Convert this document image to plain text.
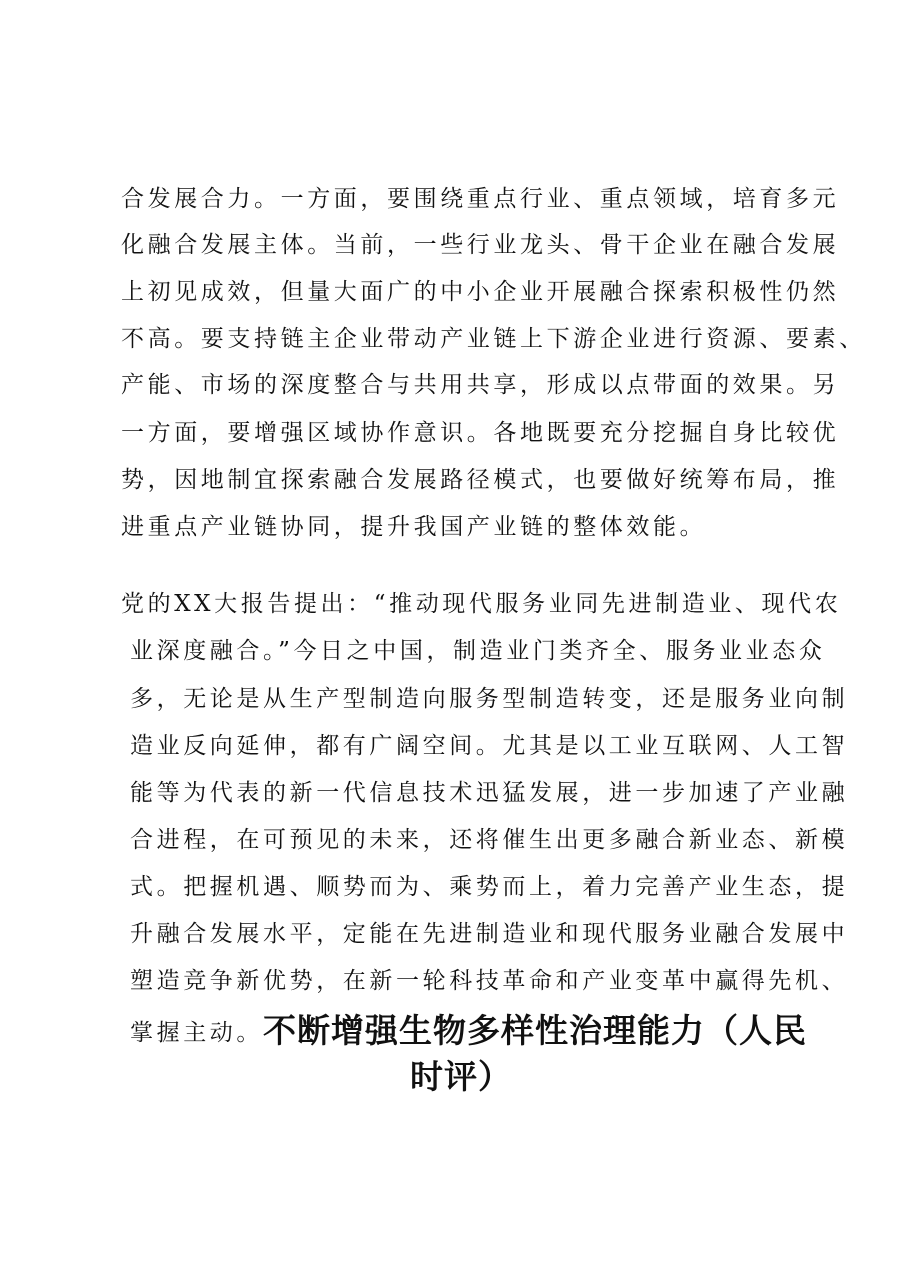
合发展合力。一方面，要围绕重点行业、重点领域，培育多元
化融合发展主体。当前，一些行业龙头、骨干企业在融合发展
上初见成效，但量大面广的中小企业开展融合探索积极性仍然
不高。要支持链主企业带动产业链上下游企业进行资源、要素、
产能、市场的深度整合与共用共享，形成以点带面的效果。另
一方面，要增强区域协作意识。各地既要充分挖掘自身比较优
势，因地制宜探索融合发展路径模式，也要做好统筹布局，推
进重点产业链协同，提升我国产业链的整体效能。
党的XX大报告提出：“推动现代服务业同先进制造业、现代农
业深度融合。”今日之中国，制造业门类齐全、服务业业态众
多，无论是从生产型制造向服务型制造转变，还是服务业向制
造业反向延伸，都有广阔空间。尤其是以工业互联网、人工智
能等为代表的新一代信息技术迅猛发展，进一步加速了产业融
合进程，在可预见的未来，还将催生出更多融合新业态、新模
式。把握机遇、顺势而为、乘势而上，着力完善产业生态，提
升融合发展水平，定能在先进制造业和现代服务业融合发展中
塑造竞争新优势，在新一轮科技革命和产业变革中赢得先机、
掌握主动。不断增强生物多样性治理能力（人民
时评）
